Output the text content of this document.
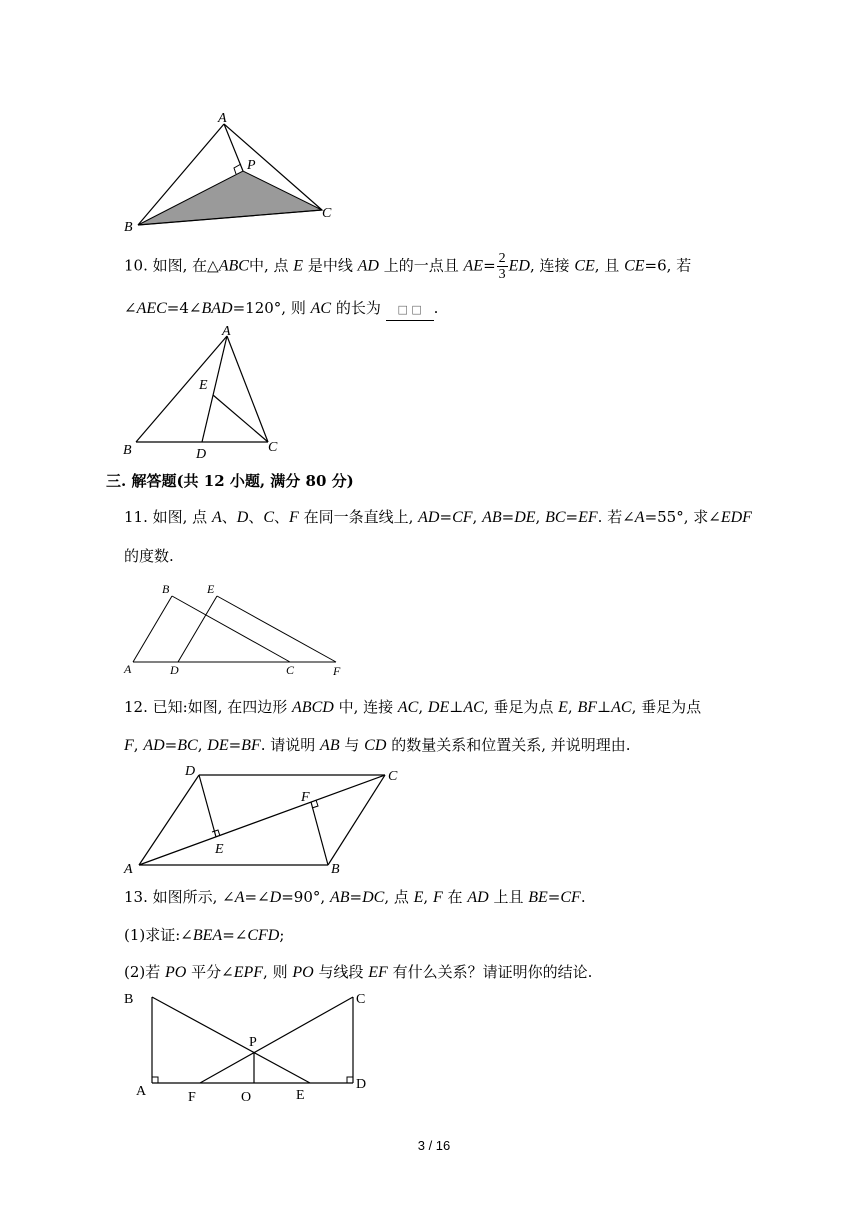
A
P
B
C
10. 如图, 在△ABC中, 点 E 是中线 AD 上的一点且 $AE= \frac{2}{3}$ ED, 连接 CE, 且 CE=6, 若
∠AEC=4∠BAD=120°, 则 AC 的长为 □ □ .
A
E
B	D	C
三. 解答题(共 12 小题, 满分 80 分)
11. 如图, 点 A、D、C、F 在同一条直线上, AD=CF, AB=DE, BC=EF. 若∠A=55°, 求∠EDF
的度数.
B	E
A	D	C	F
12. 已知:如图, 在四边形 ABCD 中, 连接 AC, DE⊥AC, 垂足为点 E, BF⊥AC, 垂足为点
F, AD=BC, DE=BF. 请说明 AB 与 CD 的数量关系和位置关系, 并说明理由.
D	C
F
E
A	B
13. 如图所示, ∠A=∠D=90°, AB=DC, 点 E, F 在 AD 上且 BE=CF.
(1)求证:∠BEA=∠CFD;
(2)若 PO 平分∠EPF, 则 PO 与线段 EF 有什么关系？请证明你的结论.
B	C
P
A	D
F	O	E
3 / 16
